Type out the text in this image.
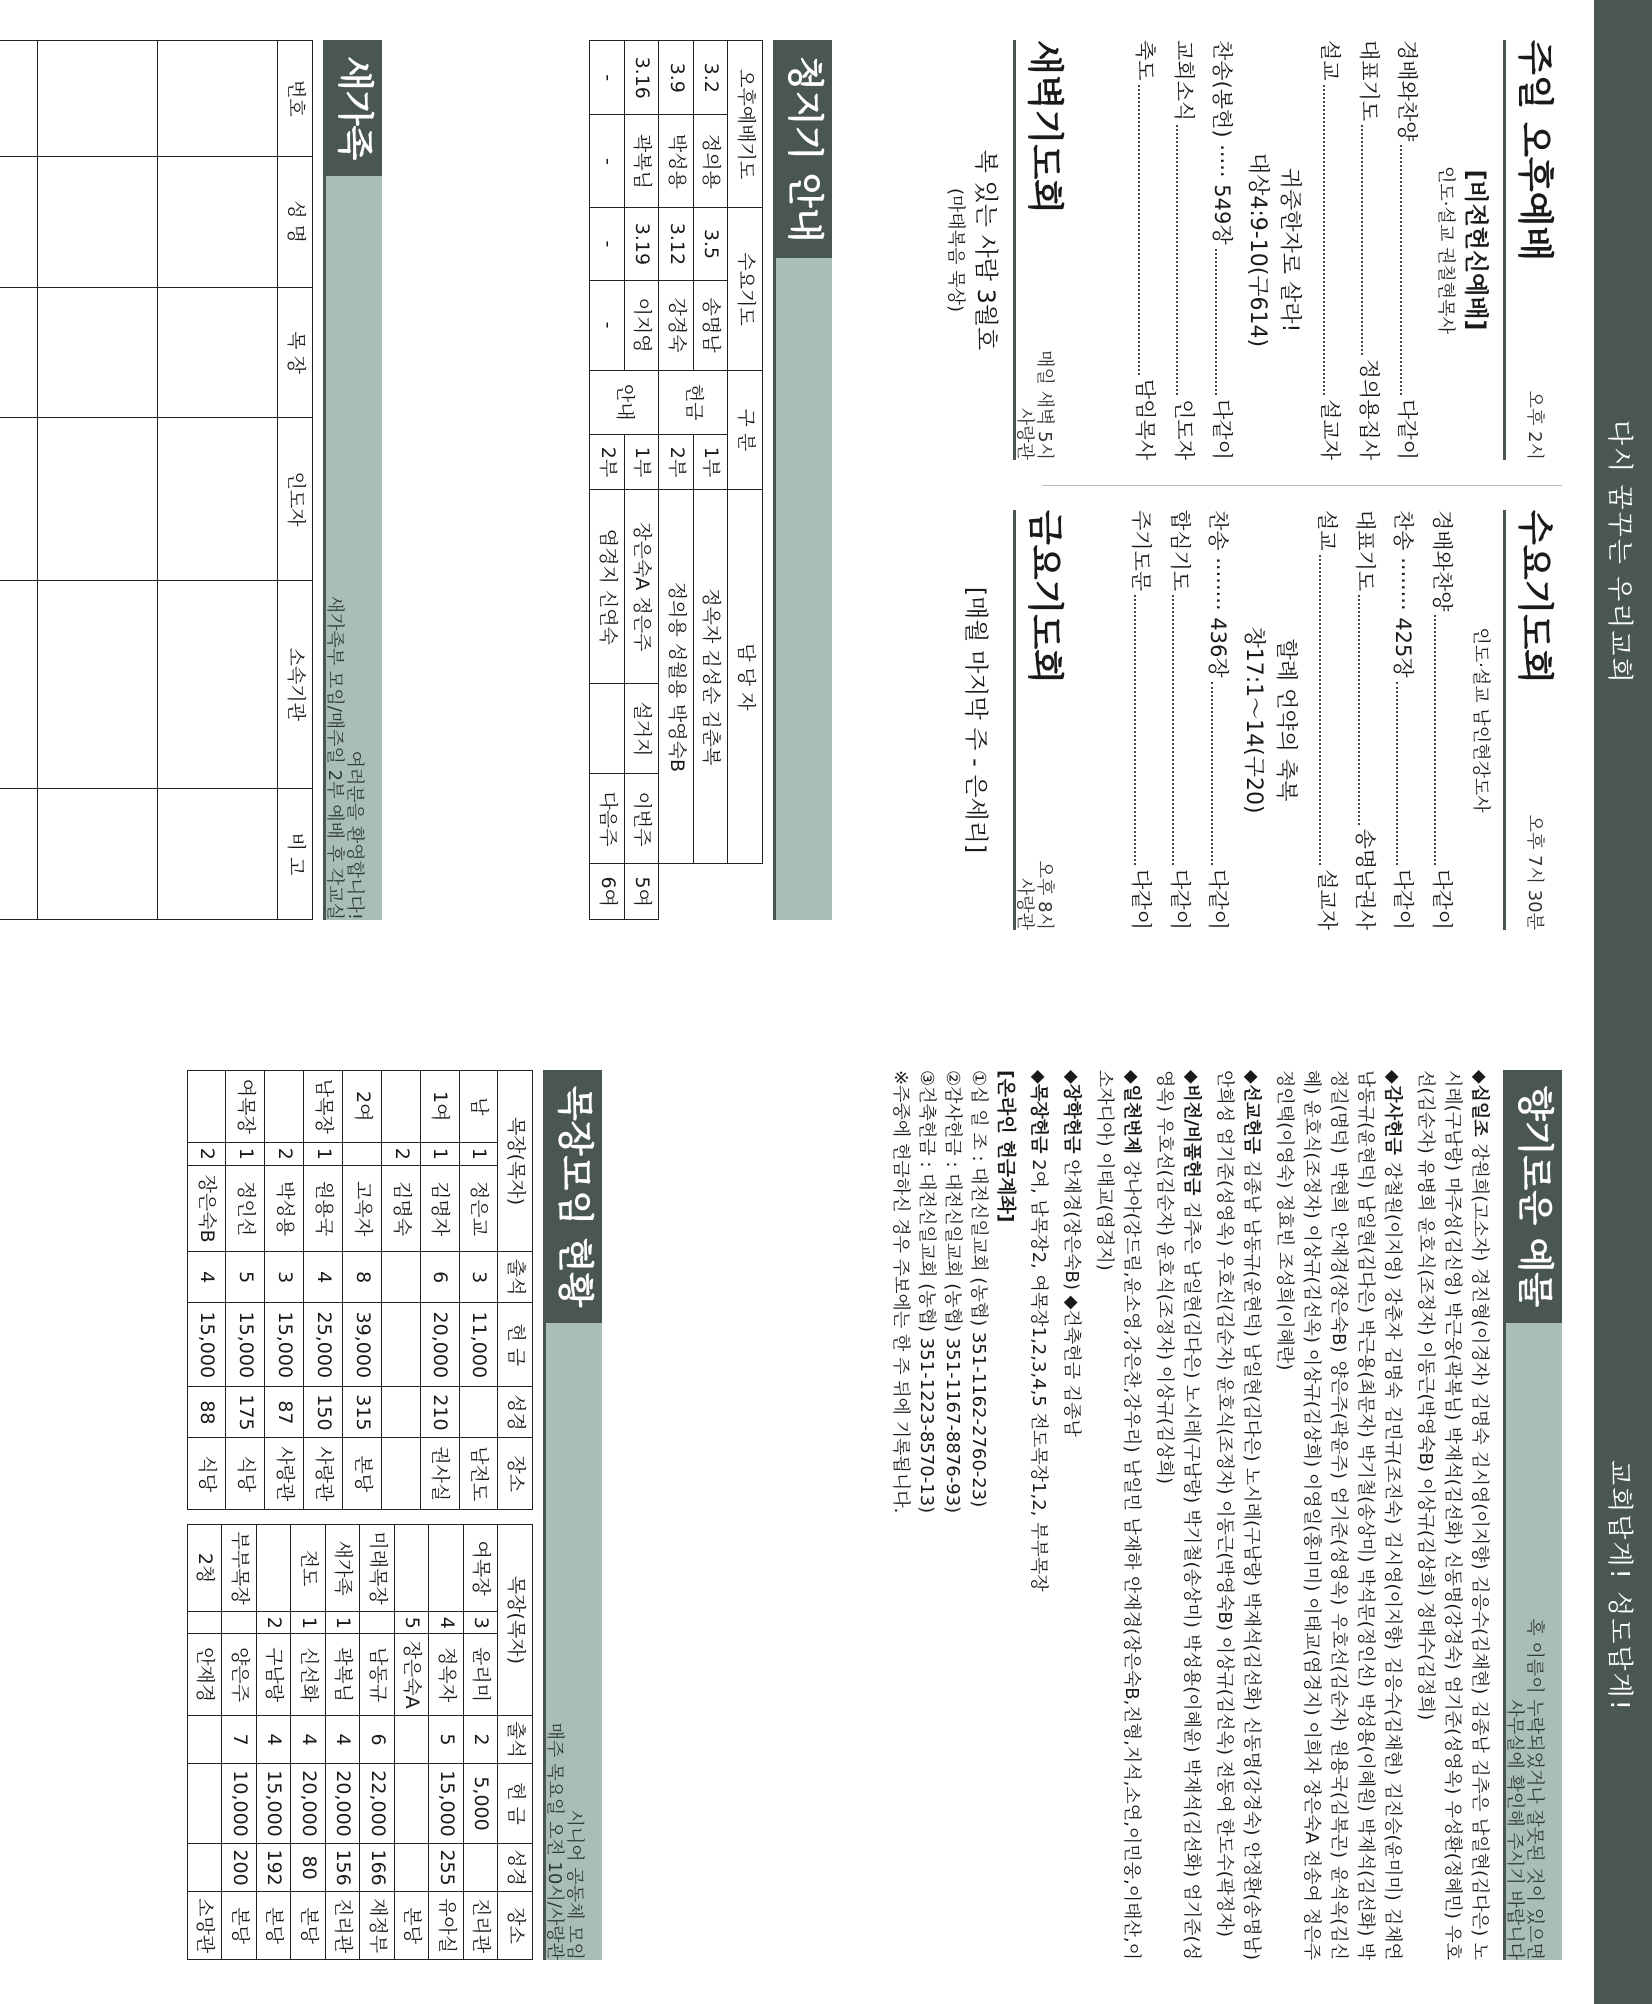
다시 꿈꾸는 우리교회
교회답게! 성도답게!
주일 오후예배
오후 2시
[비전헌신예배]
인도·설교 권칠현목사
경배와찬양
다같이
대표기도
정의용집사
설교
설교자
귀중한자로 살라!
대상4:9-10(구614)
찬송(봉헌) ····· 549장
다같이
교회소식
인도자
축도
담임목사
수요기도회
오후 7시 30분
인도·설교 남인현강도사
경배와찬양
다같이
찬송 ········ 425장
다같이
대표기도
송명남권사
설교
설교자
할례 언약의 축복
창17:1～14(구20)
찬송 ········ 436장
다같이
합심기도
다같이
주기도문
다같이
새벽기도회
매일 새벽 5시
사랑관
복 있는 사람 3월호
(마태복음 묵상)
금요기도회
오후 8시
사랑관
[매월 마지막 주 - 은세리]
청지기 안내
오후예배기도		수요기도		구 분		담 당 자			
3.2	정의용	3.5	송명남	헌금	1부	정옥자 김성순 김춘복			
3.9	박성용	3.12	강경숙		2부	정의용 성월용 박영숙B			
3.16	곽복님	3.19	이지영	안내	1부	장은숙A 정은주	설거지	이번주	5여
-	-	-	-		2부	염경지 신연숙		다음주	6여
새가족
여러분을 환영합니다!
새가족부 모임/매주일 2부 예배 후 각교실
번호	성 명	목 장	인도자	소속기관	비 고

향기로운 예물
혹 이름이 누락되었거나 잘못된 것이 있으면
사무실에 확인해 주시기 바랍니다
◆십일조 강원희(고소자) 경진형(이경자) 김명숙 김시영(이지향) 김응수(김채현) 김종남 김추은 남일현(김다은) 노시레(구남랑) 마주성(김신영) 박근웅(곽복님) 박재석(김선화) 신동명(강경숙) 엄기준(성영옥) 우성환(정혜민) 우호선(김순자) 유병희 윤호식(조정자) 이동근(박영숙B) 이상규(김상희) 정태수(김정희)
◆감사헌금 강철원(이지영) 강춘자 김명숙 김민규(조진숙) 김시영(이지향) 김응수(김채현) 김진승(윤미미) 김채연 남동규(윤현덕) 남일현(김다은) 박근용(최문자) 박기철(송상미) 박석문(정인선) 박성용(이혜원) 박재석(김선화) 박정길(명덕) 박현희 안재경(장은숙B) 양은주(곽윤주) 엄기준(성영옥) 우호선(김순자) 원용국(김복곤) 윤석옥(김신혜) 윤호식(조정자) 이상규(김선옥) 이상규(김상희) 이영일(홍미미) 이태교(염경지) 이희자 장은숙A 전송여 정은주 정인택(이영숙) 정효빈 조성희(이혜란)
◆선교헌금 김종남 남동규(윤현덕) 남일현(김다은) 노시레(구남랑) 박재석(김선화) 신동명(강경숙) 안정환(송명남) 안희성 엄기준(성영옥) 우호선(김순자) 윤호식(조정자) 이동근(박영숙B) 이상규(김선옥) 전동여 한도수(곽정자)
◆비전/비품헌금 김추은 남일현(김다은) 노시레(구남랑) 박기철(송상미) 박성용(이혜윤) 박재석(김선화) 엄기준(성영옥) 우호선(김순자) 윤호식(조정자) 이상규(김상희)
◆일천번제 강나아(강드림,윤소영,강은찬,강우리) 남일민 남재하 안재경(장은숙B,진형,지석,소연,이민웅,이태산,이소자디아) 이태교(염경지)
◆장학헌금 안재경(장은숙B) ◆건축헌금 김종남
◆목장헌금 2여, 남목장2, 여목장1,2,3,4,5 전도목장1,2, 부부목장
[온라인 헌금계좌]
①십 일 조 : 대전신일교회 (농협) 351-1162-2760-23)
②감사헌금 : 대전신일교회 (농협) 351-1167-8876-93)
③건축헌금 : 대전신일교회 (농협) 351-1223-8570-13)
※주중에 헌금하신 경우 주보에는 한 주 뒤에 기록됩니다.
목장모임 현황
시니어 공동체 모임
매주 목요일 오전 10시/사랑관
목장(목자)			출석	헌 금	성경	장소
남	1	정은교	3	11,000		남전도
1여	1	김명자	6	20,000	210	권사실
	2	김명숙				
2여		고옥자	8	39,000	315	본당
남목장	1	원용국	4	25,000	150	사랑관
	2	박성용	3	15,000	87	사랑관
여목장	1	정인선	5	15,000	175	식당
	2	장은숙B	4	15,000	88	식당
목장(목자)			출석	헌 금	성경	장소
여목장	3	윤리미	2	5,000		진리관
	4	정옥자	5	15,000	255	유아실
	5	장은숙A				본당
미래목장		남동규	6	22,000	166	재정부
새가족	1	곽복님	4	20,000	156	진리관
전도	1	신선화	4	20,000	80	본당
	2	구남랑	4	15,000	192	본당
부부목장		양은주	7	10,000	200	본당
2청		안재경				소망관
